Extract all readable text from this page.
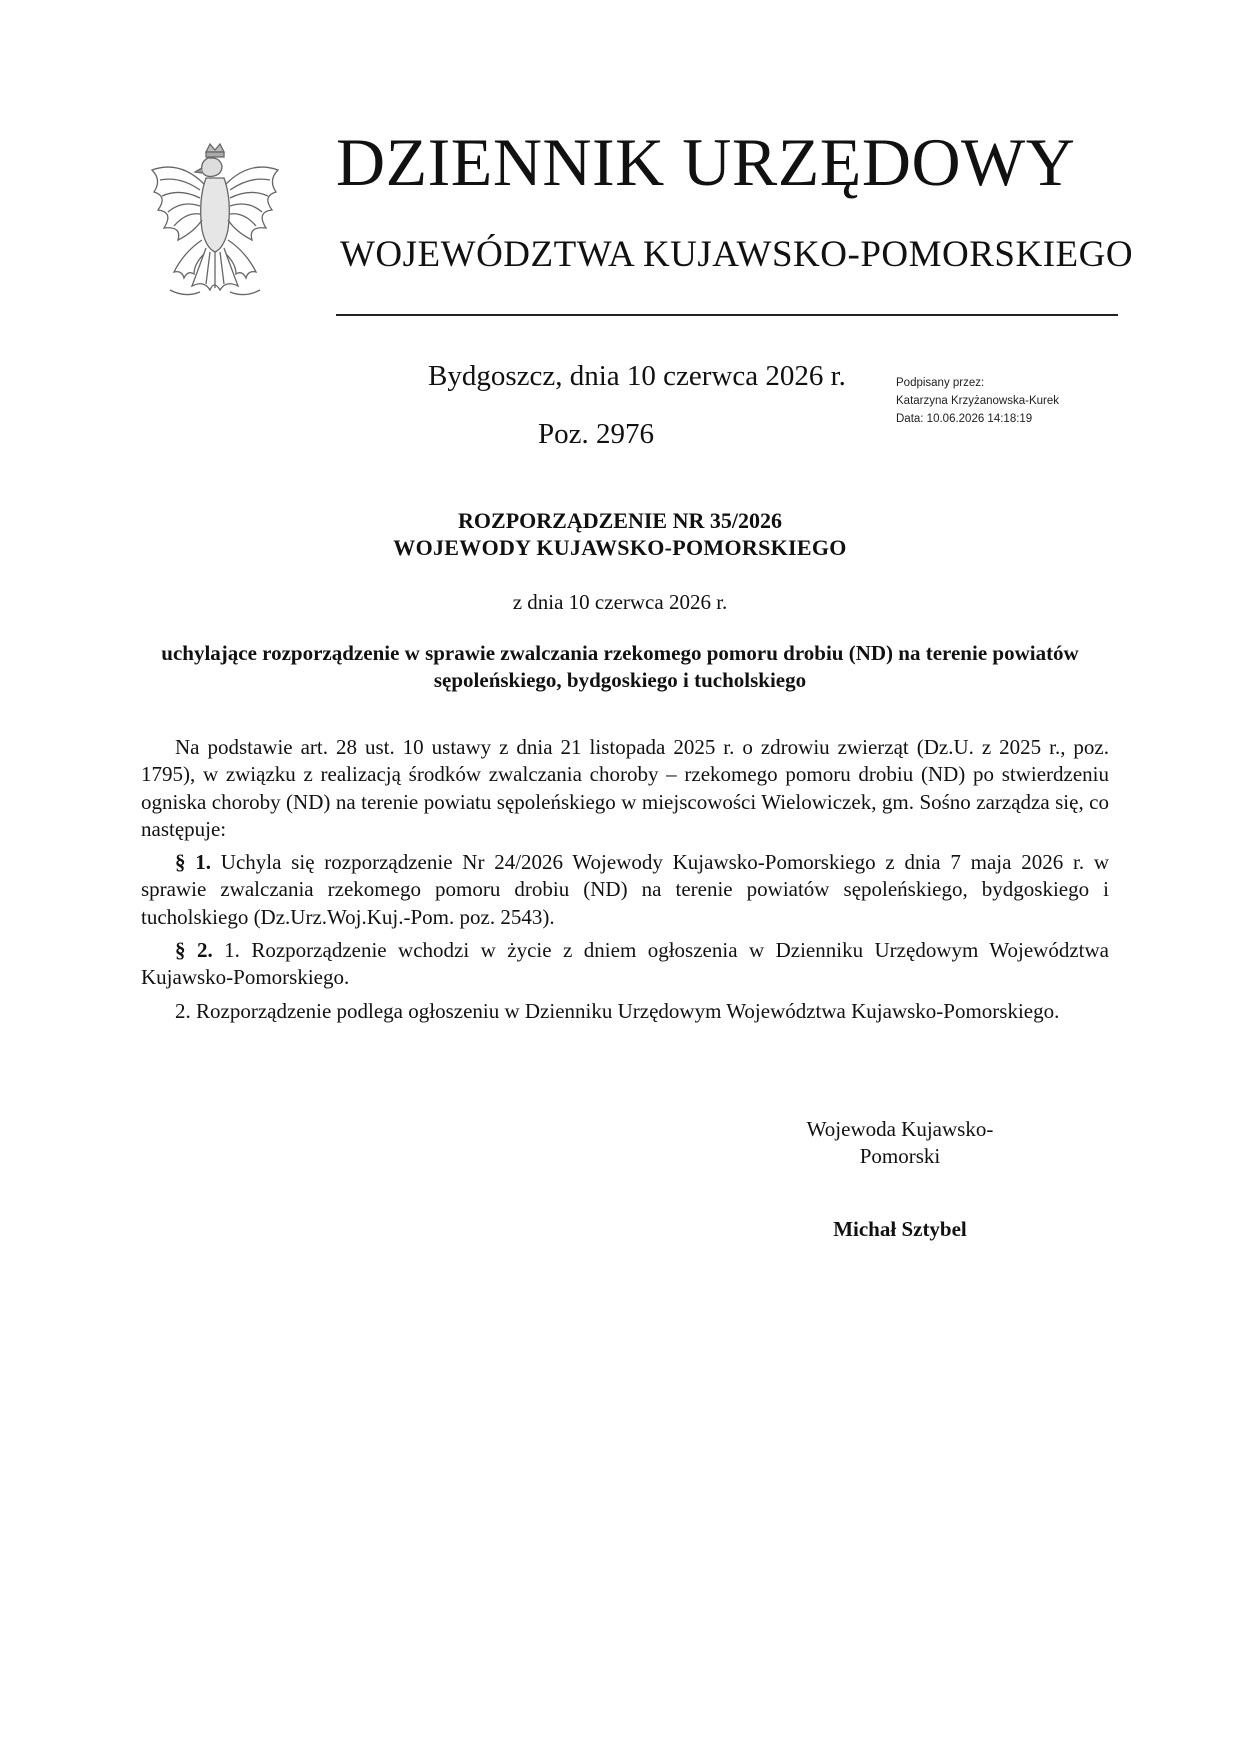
DZIENNIK URZĘDOWY
WOJEWÓDZTWA KUJAWSKO-POMORSKIEGO
Bydgoszcz, dnia 10 czerwca 2026 r.
Poz. 2976
Podpisany przez:
Katarzyna Krzyżanowska-Kurek
Data: 10.06.2026 14:18:19
ROZPORZĄDZENIE NR 35/2026
WOJEWODY KUJAWSKO-POMORSKIEGO
z dnia 10 czerwca 2026 r.
uchylające rozporządzenie w sprawie zwalczania rzekomego pomoru drobiu (ND) na terenie powiatów sępoleńskiego, bydgoskiego i tucholskiego
Na podstawie art. 28 ust. 10 ustawy z dnia 21 listopada 2025 r. o zdrowiu zwierząt (Dz.U. z 2025 r., poz. 1795), w związku z realizacją środków zwalczania choroby – rzekomego pomoru drobiu (ND) po stwierdzeniu ogniska choroby (ND) na terenie powiatu sępoleńskiego w miejscowości Wielowiczek, gm. Sośno zarządza się, co następuje:
§ 1. Uchyla się rozporządzenie Nr 24/2026 Wojewody Kujawsko-Pomorskiego z dnia 7 maja 2026 r. w sprawie zwalczania rzekomego pomoru drobiu (ND) na terenie powiatów sępoleńskiego, bydgoskiego i tucholskiego (Dz.Urz.Woj.Kuj.-Pom. poz. 2543).
§ 2. 1. Rozporządzenie wchodzi w życie z dniem ogłoszenia w Dzienniku Urzędowym Województwa Kujawsko-Pomorskiego.
2. Rozporządzenie podlega ogłoszeniu w Dzienniku Urzędowym Województwa Kujawsko-Pomorskiego.
Wojewoda Kujawsko-
Pomorski
Michał Sztybel
